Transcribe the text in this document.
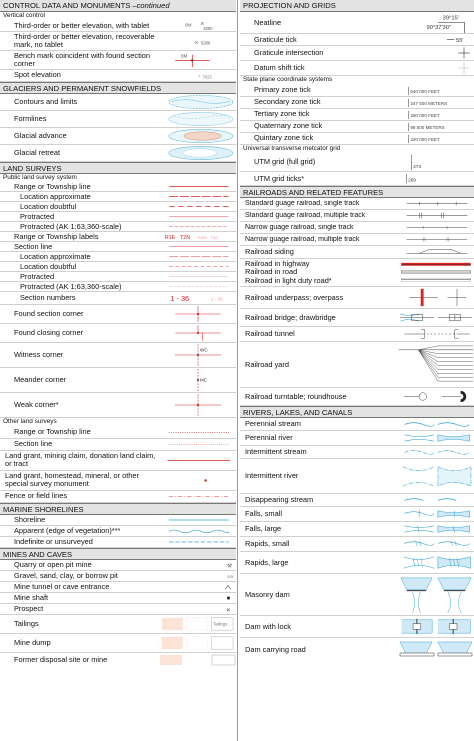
CONTROL DATA AND MONUMENTS –continued
Vertical control
Third-order or better elevation, with tablet	BM ✕
5280
Third-order or better elevation, recoverable mark, no tablet	✕ 5280
Bench mark coincident with found section corner
BM
Spot elevation	× 7623
GLACIERS AND PERMANENT SNOWFIELDS
Contours and limits
Formlines
Glacial advance
Glacial retreat
LAND SURVEYS
Public land survey system
Range or Township line
Location approximate
Location doubtful
Protracted
Protracted (AK 1:63,360-scale)
Range or Township labels	R1E T2N R3W T4S
Section line
Location approximate
Location doubtful
Protracted
Protracted (AK 1:63,360-scale)
Section numbers	1 - 36	1 - 36
Found section corner
Found closing corner
Witness corner	WC
Meander corner	MC
Weak corner*
Other land surveys
Range or Township line
Section line
Land grant, mining claim, donation land claim, or tract
Land grant, homestead, mineral, or other special survey monument
Fence or field lines
MARINE SHORELINES
Shoreline
Apparent (edge of vegetation)***
Indefinite or unsurveyed
MINES AND CAVES
Quarry or open pit mine	⚒
Gravel, sand, clay, or borrow pit	⸰⸰
Mine tunnel or cave entrance
Mine shaft
Prospect	×
Tailings	Tailings
Mine dump
Former disposal site or mine
PROJECTION AND GRIDS
Neatline	39°15'
90°37'30"
Graticule tick	55'
Graticule intersection
Datum shift tick
State plane coordinate systems
Primary zone tick	640 000 FEET
Secondary zone tick	247 500 METERS
Tertiary zone tick	260 000 FEET
Quaternary zone tick	98 500 METERS
Quintary zone tick	320 000 FEET
Universal transverse metcator grid
UTM grid (full grid)
273
UTM grid ticks*	269
RAILROADS AND RELATED FEATURES
Standard guage railroad, single track
Standard guage railroad, multiple track
Narrow guage railroad, single track
Narrow guage railroad, multiple track
Railroad siding
Railroad in highway
Railroad in road
Railroad in light duty road*
Railroad underpass; overpass
Railroad bridge; drawbridge
Railroad tunnel
Railroad yard
Railroad turntable; roundhouse
RIVERS, LAKES, AND CANALS
Perennial stream
Perennial river
Intermittent stream
Intermittent river
Disappearing stream
Falls, small
Falls, large
Rapids, small
Rapids, large
Masonry dam
Dam with lock
Dam carrying road
